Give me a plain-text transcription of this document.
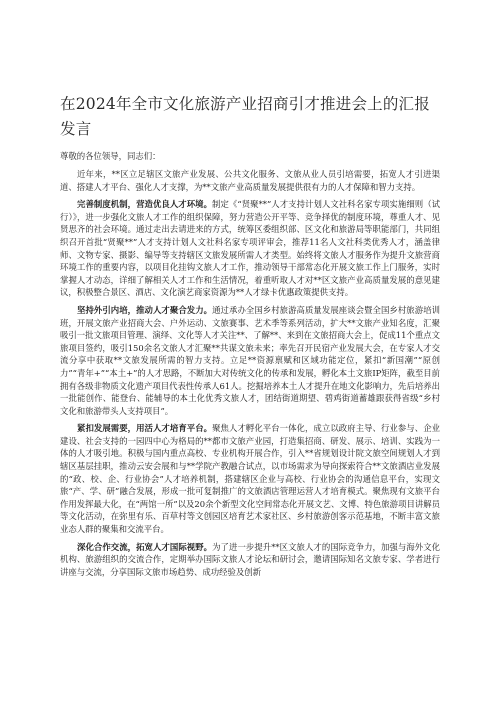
在2024年全市文化旅游产业招商引才推进会上的汇报发言

尊敬的各位领导，同志们：

近年来，**区立足辖区文旅产业发展、公共文化服务、文旅从业人员引培需要，拓宽人才引进渠道、搭建人才平台、强化人才支撑，为**文旅产业高质量发展提供很有力的人才保障和智力支持。

完善制度机制，营造优良人才环境。制定《“贤聚**”人才支持计划人文社科名家专项实施细则（试行）》，进一步强化文旅人才工作的组织保障，努力营造公开平等、竞争择优的制度环境，尊重人才、见贤思齐的社会环境。通过走出去请进来的方式，统筹区委组织部、区文化和旅游局等职能部门，共同组织召开首批“贤聚**”人才支持计划人文社科名家专项评审会，推荐11名人文社科类优秀人才，涵盖律师、文物专家、摄影、编导等支持辖区文旅发展所需人才类型。始终将文旅人才服务作为提升文旅营商环境工作的重要内容，以项目化挂钩文旅人才工作，推动领导干部常态化开展文旅工作上门服务，实时掌握人才动态，详细了解相关人才工作和生活情况，着重听取人才对**区文旅产业高质量发展的意见建议，积极整合景区、酒店、文化演艺商家资源为**人才绿卡优惠政策提供支持。

坚持外引内培，推动人才聚合发力。通过承办全国乡村旅游高质量发展座谈会暨全国乡村旅游培训班，开展文旅产业招商大会、户外运动、文旅赛事、艺术季等系列活动，扩大**文旅产业知名度，汇聚吸引一批文旅项目管理、演绎、文化等人才关注**、了解**、来到在文旅招商大会上，促成11个重点文旅项目签约，吸引150余名文旅人才汇聚**共谋文旅未来；率先召开民宿产业发展大会，在专家人才交流分享中获取**文旅发展所需的智力支持。立足**资源禀赋和区域功能定位，紧扣“新国潮”“原创力”“青年+”“本土+”的人才思路，不断加大对传统文化的传承和发展，孵化本土文旅IP矩阵，截至目前拥有各级非物质文化遗产项目代表性传承人61人。挖掘培养本土人才提升在地文化影响力，先后培养出一批能创作、能登台、能辅导的本土化优秀文旅人才，团结街道期望、碧鸡街道蓄雄跟获得省级“乡村文化和旅游带头人支持项目”。

紧扣发展需要，用活人才培育平台。聚焦人才孵化平台一体化，成立以政府主导、行业参与、企业建设、社会支持的一园四中心为格局的**都市文旅产业园，打造集招商、研发、展示、培训、实践为一体的人才吸引地。积极与国内重点高校、专业机构开展合作，引入**省规划设计院文旅空间规划人才到辖区基层挂职，推动云安会展和与**学院产教融合试点，以市场需求为导向探索符合**文旅酒店业发展的“政、校、企、行业协会”人才培养机制，搭建辖区企业与高校、行业协会的沟通信息平台，实现文旅“产、学、研”融合发展，形成一批可复制推广的文旅酒店管理运营人才培育模式。聚焦现有文旅平台作用发挥最大化，在“两馆一所”以及20余个新型文化空间常态化开展文艺、文博、特色旅游项目讲解员等文化活动，在弥里有乐、百草村等文创园区培育艺术家社区、乡村旅游创客示范基地，不断丰富文旅业态人群的聚集和交流平台。

深化合作交流，拓宽人才国际视野。为了进一步提升**区文旅人才的国际竞争力，加强与海外文化机构、旅游组织的交流合作，定期举办国际文旅人才论坛和研讨会，邀请国际知名文旅专家、学者进行讲座与交流，分享国际文旅市场趋势、成功经验及创新
